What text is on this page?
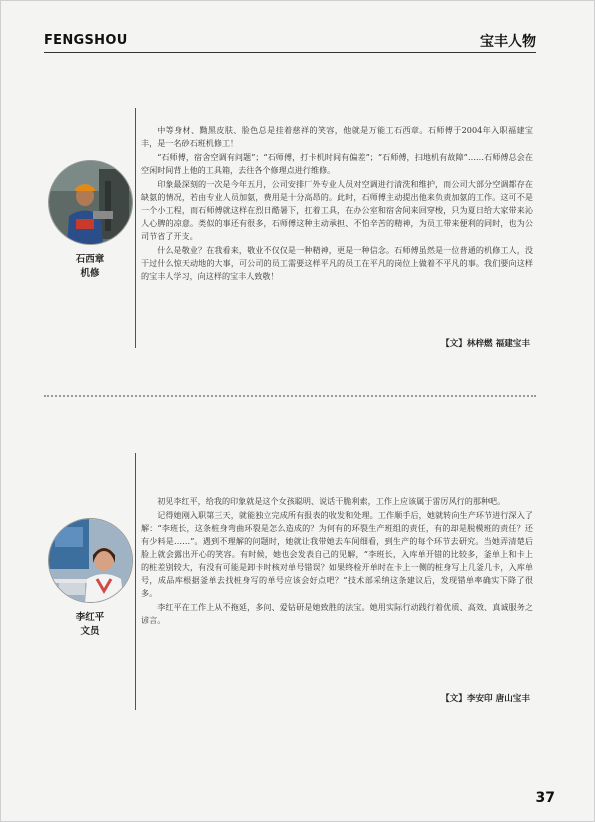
FENGSHOU	宝丰人物
石西章
机修

中等身材、黝黑皮肤、脸色总是挂着慈祥的笑容，他就是万能工石西章。石师傅于2004年入职福建宝丰，是一名砂石班机修工！

“石师傅，宿舍空调有问题”；“石师傅，打卡机时间有偏差”；“石师傅，扫地机有故障”……石师傅总会在空闲时间背上他的工具箱，去往各个修理点进行维修。

印象最深刻的一次是今年五月，公司安排厂外专业人员对空调进行清洗和维护，而公司大部分空调都存在缺氨的情况，若由专业人员加氨，费用是十分高昂的。此时，石师傅主动提出他来负责加氨的工作。这可不是一个小工程，而石师傅就这样在烈日酷暑下，扛着工具，在办公室和宿舍间来回穿梭，只为夏日给大家带来沁人心脾的凉意。类似的事还有很多，石师傅这种主动承担、不怕辛苦的精神，为员工带来便利的同时，也为公司节省了开支。

什么是敬业？在我看来，敬业不仅仅是一种精神，更是一种信念。石师傅虽然是一位普通的机修工人，没干过什么惊天动地的大事，可公司的员工需要这样平凡的员工在平凡的岗位上做着不平凡的事。我们要向这样的宝丰人学习，向这样的宝丰人致敬！

【文】林梓燃 福建宝丰
李红平
文员

初见李红平，给我的印象就是这个女孩聪明、说话干脆利索，工作上应该属于雷厉风行的那种吧。

记得她刚入职第三天，就能独立完成所有报表的收发和处理。工作顺手后，她就转向生产环节进行深入了解：“李班长，这条桩身弯曲环裂是怎么造成的？为何有的环裂生产班组的责任，有的却是脱模班的责任？还有少料是……”。遇到不理解的问题时，她就让我带她去车间细看，到生产的每个环节去研究。当她弄清楚后脸上就会露出开心的笑容。有时候，她也会发表自己的见解，“李班长，入库单开错的比较多，釜单上和卡上的桩差别较大，有没有可能是卸卡时核对单号错误？如果终检开单时在卡上一侧的桩身写上几釜几卡，入库单号，成品库根据釜单去找桩身写的单号应该会好点吧？”技术部采纳这条建议后，发现错单率确实下降了很多。

李红平在工作上从不拖延，多问、爱钻研是她致胜的法宝。她用实际行动践行着优质、高效、真诚服务之谚言。

【文】李安印 唐山宝丰
37
